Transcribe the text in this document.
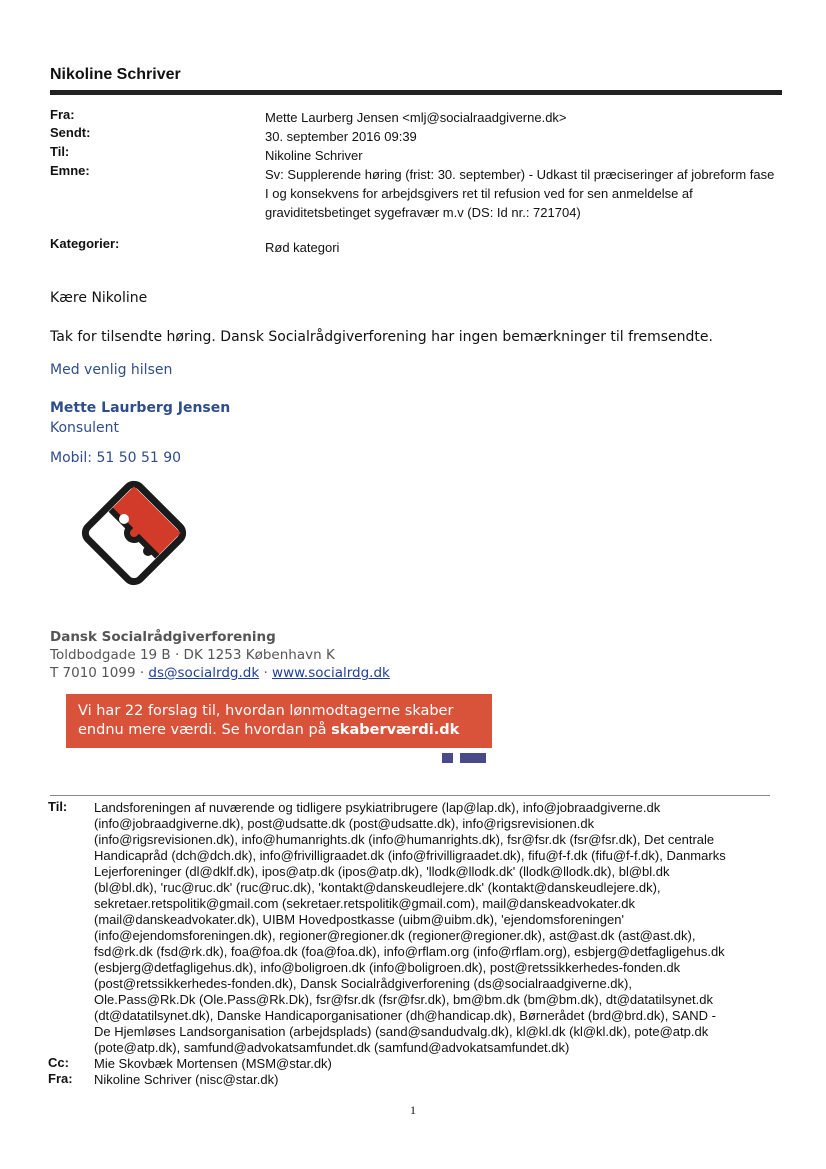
Nikoline Schriver
Fra:	Mette Laurberg Jensen <mlj@socialraadgiverne.dk>
Sendt:	30. september 2016 09:39
Til:	Nikoline Schriver
Emne:	Sv: Supplerende høring (frist: 30. september) - Udkast til præciseringer af jobreform fase I og konsekvens for arbejdsgivers ret til refusion ved for sen anmeldelse af graviditetsbetinget sygefravær m.v (DS: Id nr.: 721704)
Kategorier:	Rød kategori
Kære Nikoline
Tak for tilsendte høring. Dansk Socialrådgiverforening har ingen bemærkninger til fremsendte.
Med venlig hilsen
Mette Laurberg Jensen
Konsulent
Mobil: 51 50 51 90
Dansk Socialrådgiverforening
Toldbodgade 19 B · DK 1253 København K
T 7010 1099 · ds@socialrdg.dk · www.socialrdg.dk
Vi har 22 forslag til, hvordan lønmodtagerne skaber
endnu mere værdi. Se hvordan på skaberværdi.dk

Til: Landsforeningen af nuværende og tidligere psykiatribrugere (lap@lap.dk), info@jobraadgiverne.dk
(info@jobraadgiverne.dk), post@udsatte.dk (post@udsatte.dk), info@rigsrevisionen.dk
(info@rigsrevisionen.dk), info@humanrights.dk (info@humanrights.dk), fsr@fsr.dk (fsr@fsr.dk), Det centrale
Handicapråd (dch@dch.dk), info@frivilligraadet.dk (info@frivilligraadet.dk), fifu@f-f.dk (fifu@f-f.dk), Danmarks
Lejerforeninger (dl@dklf.dk), ipos@atp.dk (ipos@atp.dk), 'llodk@llodk.dk' (llodk@llodk.dk), bl@bl.dk
(bl@bl.dk), 'ruc@ruc.dk' (ruc@ruc.dk), 'kontakt@danskeudlejere.dk' (kontakt@danskeudlejere.dk),
sekretaer.retspolitik@gmail.com (sekretaer.retspolitik@gmail.com), mail@danskeadvokater.dk
(mail@danskeadvokater.dk), UIBM Hovedpostkasse (uibm@uibm.dk), 'ejendomsforeningen'
(info@ejendomsforeningen.dk), regioner@regioner.dk (regioner@regioner.dk), ast@ast.dk (ast@ast.dk),
fsd@rk.dk (fsd@rk.dk), foa@foa.dk (foa@foa.dk), info@rflam.org (info@rflam.org), esbjerg@detfagligehus.dk
(esbjerg@detfagligehus.dk), info@boligroen.dk (info@boligroen.dk), post@retssikkerhedes-fonden.dk
(post@retssikkerhedes-fonden.dk), Dansk Socialrådgiverforening (ds@socialraadgiverne.dk),
Ole.Pass@Rk.Dk (Ole.Pass@Rk.Dk), fsr@fsr.dk (fsr@fsr.dk), bm@bm.dk (bm@bm.dk), dt@datatilsynet.dk
(dt@datatilsynet.dk), Danske Handicaporganisationer (dh@handicap.dk), Børnerådet (brd@brd.dk), SAND -
De Hjemløses Landsorganisation (arbejdsplads) (sand@sandudvalg.dk), kl@kl.dk (kl@kl.dk), pote@atp.dk
(pote@atp.dk), samfund@advokatsamfundet.dk (samfund@advokatsamfundet.dk)
Cc: Mie Skovbæk Mortensen (MSM@star.dk)
Fra: Nikoline Schriver (nisc@star.dk)
1
